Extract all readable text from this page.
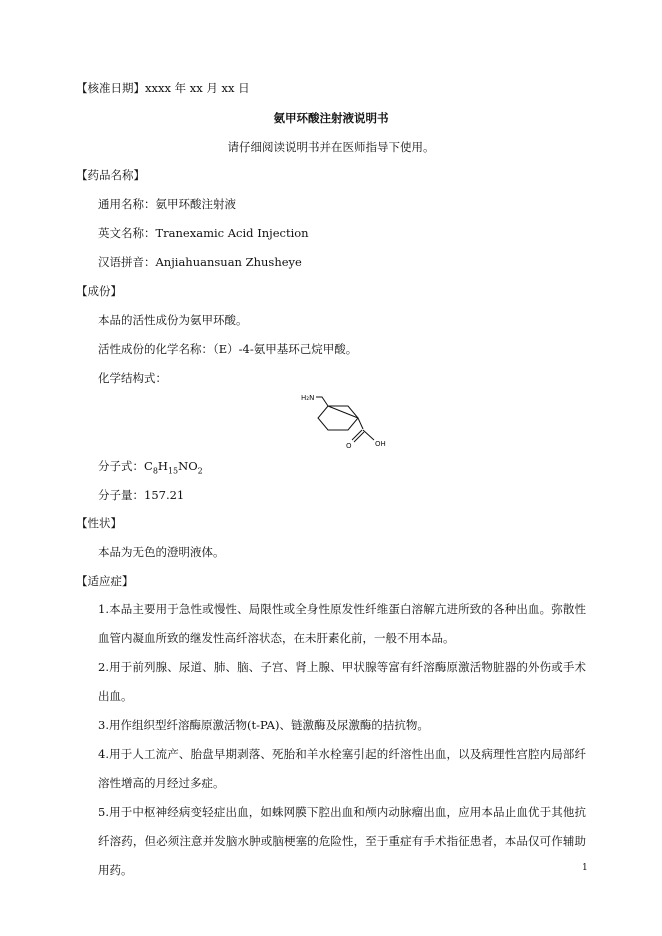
【核准日期】xxxx 年 xx 月 xx 日
氨甲环酸注射液说明书
请仔细阅读说明书并在医师指导下使用。
【药品名称】
通用名称：氨甲环酸注射液
英文名称：Tranexamic Acid Injection
汉语拼音：Anjiahuansuan Zhusheye
【成份】
本品的活性成份为氨甲环酸。
活性成份的化学名称：（E）-4-氨甲基环己烷甲酸。
化学结构式：
H₂N
O	OH
分子式：$C_8H_{15}NO_2$
分子量：157.21
【性状】
本品为无色的澄明液体。
【适应症】
1.本品主要用于急性或慢性、局限性或全身性原发性纤维蛋白溶解亢进所致的各种出血。弥散性血管内凝血所致的继发性高纤溶状态，在未肝素化前，一般不用本品。
2.用于前列腺、尿道、肺、脑、子宫、肾上腺、甲状腺等富有纤溶酶原激活物脏器的外伤或手术出血。
3.用作组织型纤溶酶原激活物(t-PA)、链激酶及尿激酶的拮抗物。
4.用于人工流产、胎盘早期剥落、死胎和羊水栓塞引起的纤溶性出血，以及病理性宫腔内局部纤溶性增高的月经过多症。
5.用于中枢神经病变轻症出血，如蛛网膜下腔出血和颅内动脉瘤出血，应用本品止血优于其他抗纤溶药，但必须注意并发脑水肿或脑梗塞的危险性，至于重症有手术指征患者，本品仅可作辅助用药。	1
